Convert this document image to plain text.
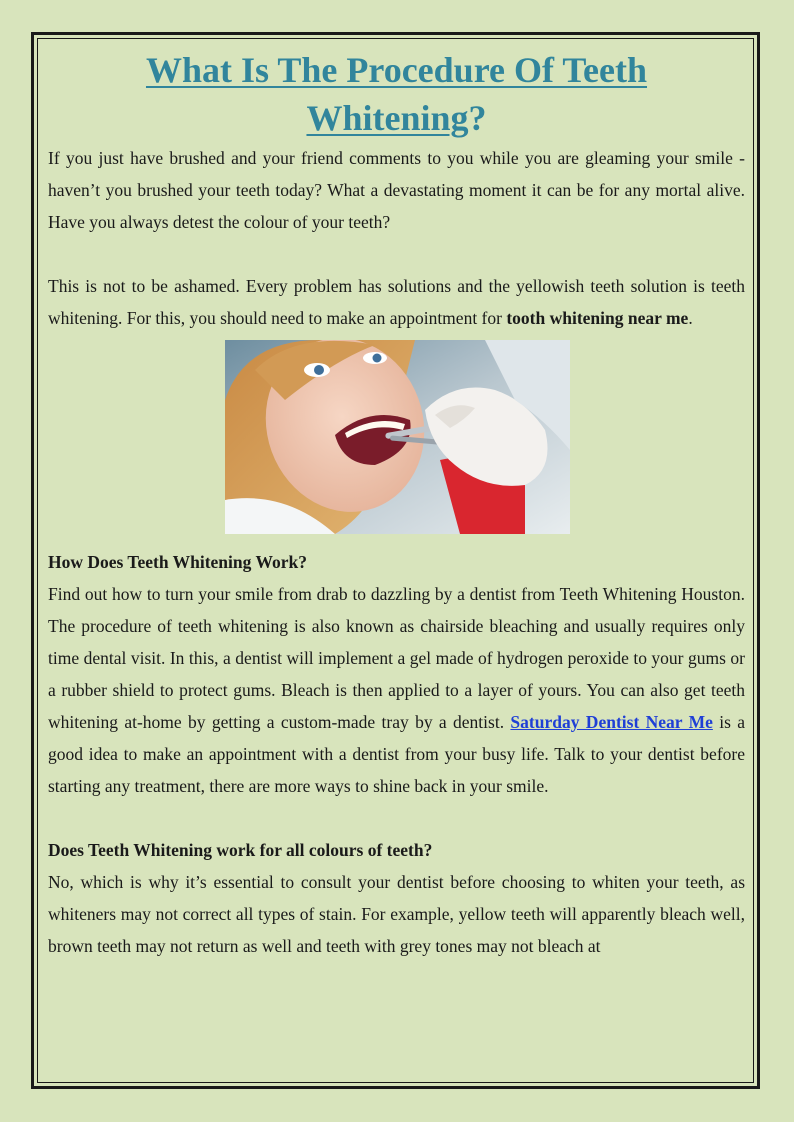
What Is The Procedure Of Teeth
Whitening?

If you just have brushed and your friend comments to you while you are gleaming your smile - haven’t you brushed your teeth today? What a devastating moment it can be for any mortal alive. Have you always detest the colour of your teeth?

This is not to be ashamed. Every problem has solutions and the yellowish teeth solution is teeth whitening. For this, you should need to make an appointment for tooth whitening near me.

How Does Teeth Whitening Work?

Find out how to turn your smile from drab to dazzling by a dentist from Teeth Whitening Houston. The procedure of teeth whitening is also known as chairside bleaching and usually requires only time dental visit. In this, a dentist will implement a gel made of hydrogen peroxide to your gums or a rubber shield to protect gums. Bleach is then applied to a layer of yours. You can also get teeth whitening at-home by getting a custom-made tray by a dentist. Saturday Dentist Near Me is a good idea to make an appointment with a dentist from your busy life. Talk to your dentist before starting any treatment, there are more ways to shine back in your smile.

Does Teeth Whitening work for all colours of teeth?

No, which is why it’s essential to consult your dentist before choosing to whiten your teeth, as whiteners may not correct all types of stain. For example, yellow teeth will apparently bleach well, brown teeth may not return as well and teeth with grey tones may not bleach at
